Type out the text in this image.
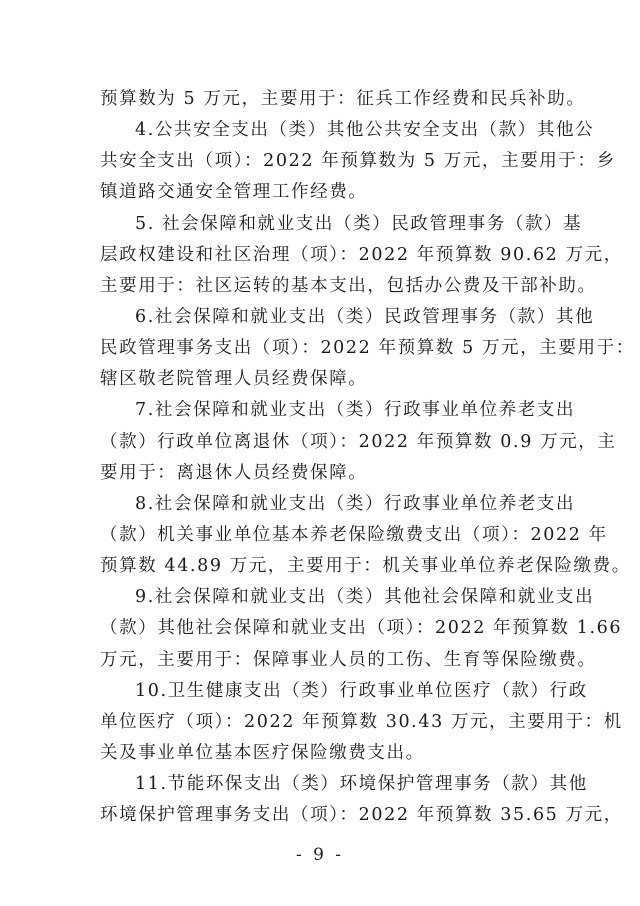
预算数为 5 万元，主要用于：征兵工作经费和民兵补助。
4.公共安全支出（类）其他公共安全支出（款）其他公
共安全支出（项）：2022 年预算数为 5 万元，主要用于：乡
镇道路交通安全管理工作经费。
5. 社会保障和就业支出（类）民政管理事务（款）基
层政权建设和社区治理（项）：2022 年预算数 90.62 万元，
主要用于：社区运转的基本支出，包括办公费及干部补助。
6.社会保障和就业支出（类）民政管理事务（款）其他
民政管理事务支出（项）：2022 年预算数 5 万元，主要用于：
辖区敬老院管理人员经费保障。
7.社会保障和就业支出（类）行政事业单位养老支出
（款）行政单位离退休（项）：2022 年预算数 0.9 万元，主
要用于：离退休人员经费保障。
8.社会保障和就业支出（类）行政事业单位养老支出
（款）机关事业单位基本养老保险缴费支出（项）：2022 年
预算数 44.89 万元，主要用于：机关事业单位养老保险缴费。
9.社会保障和就业支出（类）其他社会保障和就业支出
（款）其他社会保障和就业支出（项）：2022 年预算数 1.66
万元，主要用于：保障事业人员的工伤、生育等保险缴费。
10.卫生健康支出（类）行政事业单位医疗（款）行政
单位医疗（项）：2022 年预算数 30.43 万元，主要用于：机
关及事业单位基本医疗保险缴费支出。
11.节能环保支出（类）环境保护管理事务（款）其他
环境保护管理事务支出（项）：2022 年预算数 35.65 万元，
- 9 -
